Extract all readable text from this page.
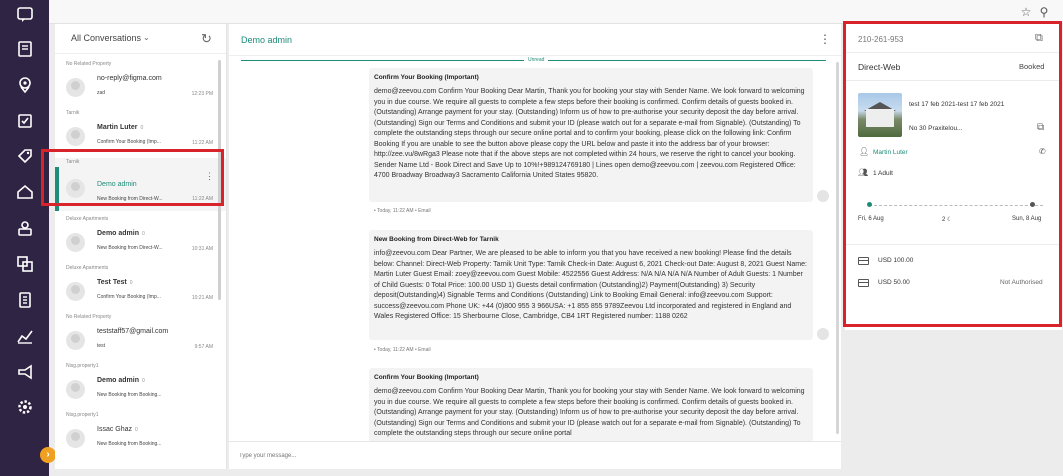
›
☆ ⚲
All Conversations ⌄	↻
No Related Property
no-reply@figma.com
zad	12:23 PM
Tarnik
Martin Luter 0
Confirm Your Booking (Imp...	11:22 AM
Tarnik
Demo admin
New Booking from Direct-W...	11:22 AM
⋮
Deluxe Apartments
Demo admin 0
New Booking from Direct-W...	10:31 AM
Deluxe Apartments
Test Test 0
Confirm Your Booking (Imp...	10:21 AM
No Related Property
teststaff57@gmail.com
test	9:57 AM
Nisg.property1
Demo admin 0
New Booking from Booking...
Nisg.property1
Issac Ghaz 0
New Booking from Booking...
Demo admin	⋮
Unread
Confirm Your Booking (Important)
demo@zeevou.com Confirm Your Booking Dear Martin, Thank you for booking your stay with Sender Name. We look forward to welcoming you in due course. We require all guests to complete a few steps before their booking is confirmed. Confirm details of guests booked in. (Outstanding) Arrange payment for your stay. (Outstanding) Inform us of how to pre-authorise your security deposit the day before arrival. (Outstanding) Sign our Terms and Conditions and submit your ID (please watch out for a separate e-mail from Signable). (Outstanding) To complete the outstanding steps through our secure online portal and to confirm your booking, please click on the following link: Confirm Booking If you are unable to see the button above please copy the URL below and paste it into the address bar of your browser: http://zee.vu/8wRga3 Please note that if the above steps are not completed within 24 hours, we reserve the right to cancel your booking. Sender Name Ltd - Book Direct and Save Up to 10%!+989124769180 | Lines open demo@zeevou.com | zeevou.com Registered Office: 4700 Broadway Broadway3 Sacramento California United States 95820.
• Today, 11:22 AM • Email
New Booking from Direct-Web for Tarnik
info@zeevou.com Dear Partner, We are pleased to be able to inform you that you have received a new booking! Please find the details below: Channel: Direct-Web Property: Tarnik Unit Type: Tarnik Check-in Date: August 6, 2021 Check-out Date: August 8, 2021 Guest Name: Martin Luter Guest Email: zoey@zeevou.com Guest Mobile: 4522556 Guest Address: N/A N/A N/A N/A Number of Adult Guests: 1 Number of Child Guests: 0 Total Price: 100.00 USD 1) Guests detail confirmation (Outstanding)2) Payment(Outstanding) 3) Security deposit(Outstanding)4) Signable Terms and Conditions (Outstanding) Link to Booking Email General: info@zeevou.com Support: success@zeevou.com Phone UK: +44 (0)800 955 3 966USA: +1 855 855 9789Zeevou Ltd incorporated and registered in England and Wales Registered Office: 15 Sherbourne Close, Cambridge, CB4 1RT Registered number: 1188 0262
• Today, 11:22 AM • Email
Confirm Your Booking (Important)
demo@zeevou.com Confirm Your Booking Dear Martin, Thank you for booking your stay with Sender Name. We look forward to welcoming you in due course. We require all guests to complete a few steps before their booking is confirmed. Confirm details of guests booked in. (Outstanding) Arrange payment for your stay. (Outstanding) Inform us of how to pre-authorise your security deposit the day before arrival. (Outstanding) Sign our Terms and Conditions and submit your ID (please watch out for a separate e-mail from Signable). (Outstanding) To complete the outstanding steps through our secure online portal
Type your message...
210-261-953	⧉
Direct-Web	Booked
test 17 feb 2021-test 17 feb 2021
No 30 Praxitelou...	⧉
👤︎ Martin Luter	✆
👥︎ 1 Adult
Fri, 6 Aug	2 ☾	Sun, 8 Aug
USD 100.00
USD 50.00	Not Authorised
